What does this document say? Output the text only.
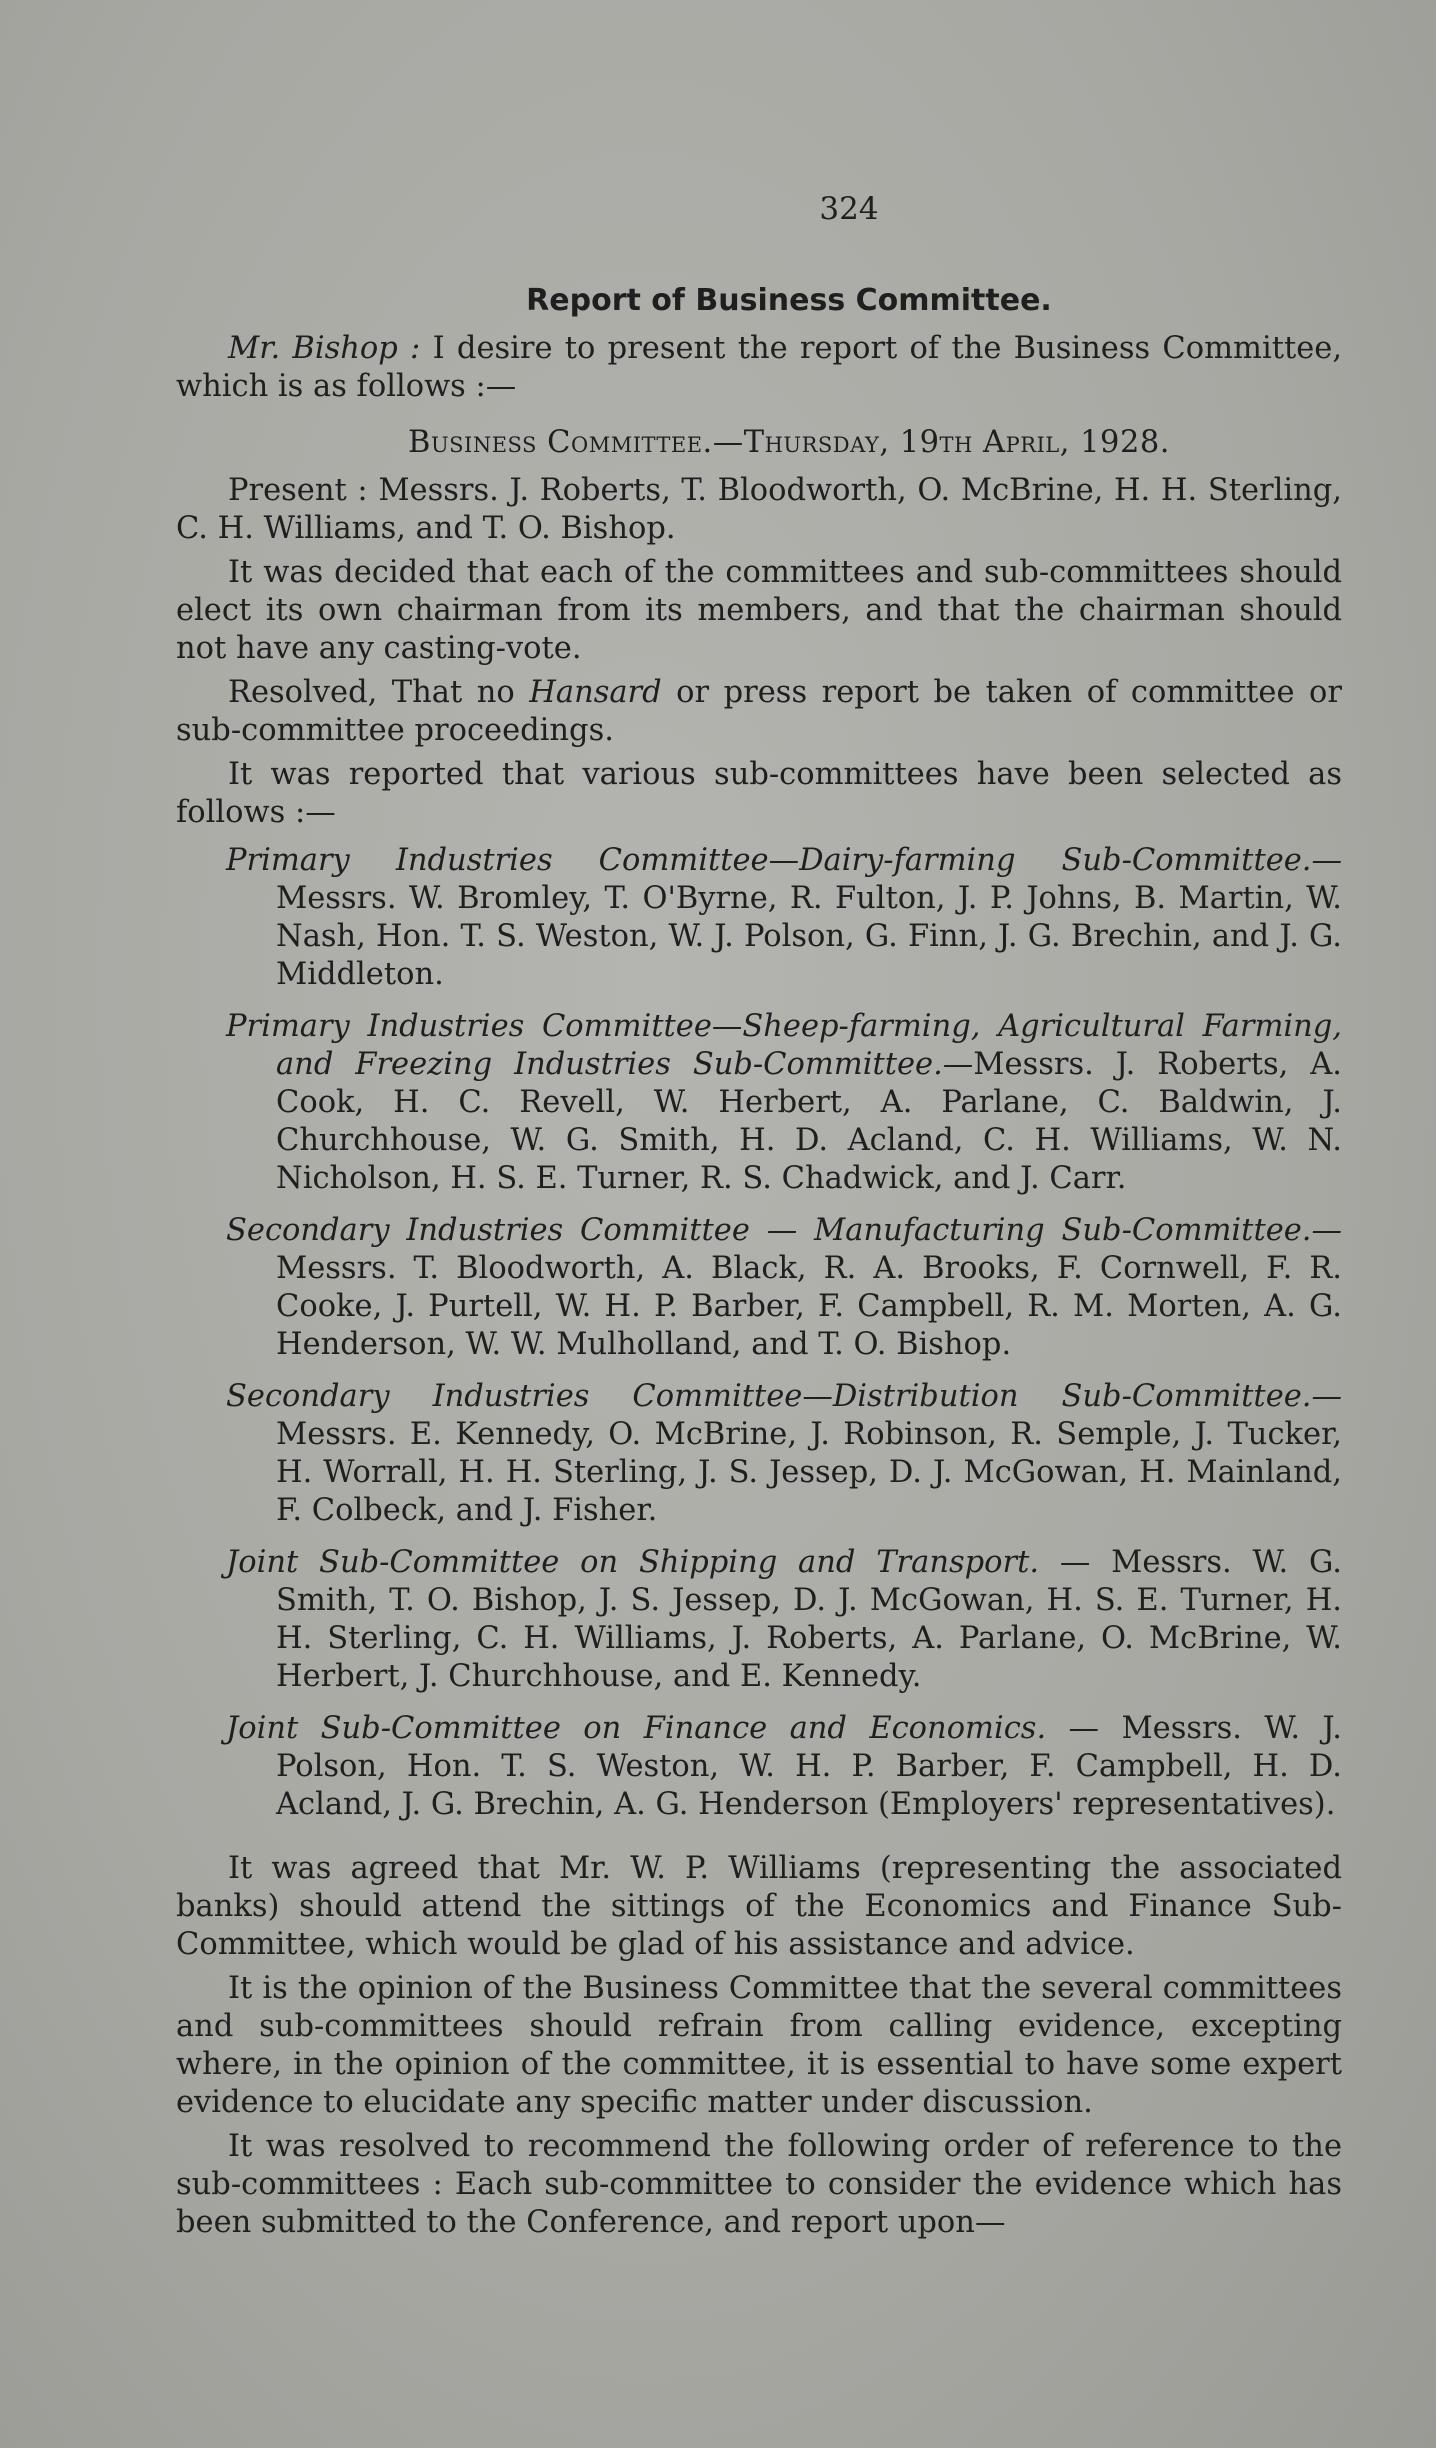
324
Report of Business Committee.

Mr. Bishop : I desire to present the report of the Business Committee, which is as follows :—

Business Committee.—Thursday, 19th April, 1928.

Present : Messrs. J. Roberts, T. Bloodworth, O. McBrine, H. H. Sterling, C. H. Williams, and T. O. Bishop.

It was decided that each of the committees and sub-committees should elect its own chairman from its members, and that the chairman should not have any casting-vote.

Resolved, That no Hansard or press report be taken of committee or sub-committee proceedings.

It was reported that various sub-committees have been selected as follows :—

Primary Industries Committee—Dairy-farming Sub-Committee.—Messrs. W. Bromley, T. O'Byrne, R. Fulton, J. P. Johns, B. Martin, W. Nash, Hon. T. S. Weston, W. J. Polson, G. Finn, J. G. Brechin, and J. G. Middleton.
Primary Industries Committee—Sheep-farming, Agricultural Farming, and Freezing Industries Sub-Committee.—Messrs. J. Roberts, A. Cook, H. C. Revell, W. Herbert, A. Parlane, C. Baldwin, J. Churchhouse, W. G. Smith, H. D. Acland, C. H. Williams, W. N. Nicholson, H. S. E. Turner, R. S. Chadwick, and J. Carr.
Secondary Industries Committee — Manufacturing Sub-Committee.—Messrs. T. Bloodworth, A. Black, R. A. Brooks, F. Cornwell, F. R. Cooke, J. Purtell, W. H. P. Barber, F. Campbell, R. M. Morten, A. G. Henderson, W. W. Mulholland, and T. O. Bishop.
Secondary Industries Committee—Distribution Sub-Committee.—Messrs. E. Kennedy, O. McBrine, J. Robinson, R. Semple, J. Tucker, H. Worrall, H. H. Sterling, J. S. Jessep, D. J. McGowan, H. Mainland, F. Colbeck, and J. Fisher.
Joint Sub-Committee on Shipping and Transport. — Messrs. W. G. Smith, T. O. Bishop, J. S. Jessep, D. J. McGowan, H. S. E. Turner, H. H. Sterling, C. H. Williams, J. Roberts, A. Parlane, O. McBrine, W. Herbert, J. Churchhouse, and E. Kennedy.
Joint Sub-Committee on Finance and Economics. — Messrs. W. J. Polson, Hon. T. S. Weston, W. H. P. Barber, F. Campbell, H. D. Acland, J. G. Brechin, A. G. Henderson (Employers' representatives).

It was agreed that Mr. W. P. Williams (representing the associated banks) should attend the sittings of the Economics and Finance Sub-Committee, which would be glad of his assistance and advice.

It is the opinion of the Business Committee that the several committees and sub-committees should refrain from calling evidence, excepting where, in the opinion of the committee, it is essential to have some expert evidence to elucidate any specific matter under discussion.

It was resolved to recommend the following order of reference to the sub-committees : Each sub-committee to consider the evidence which has been submitted to the Conference, and report upon—
